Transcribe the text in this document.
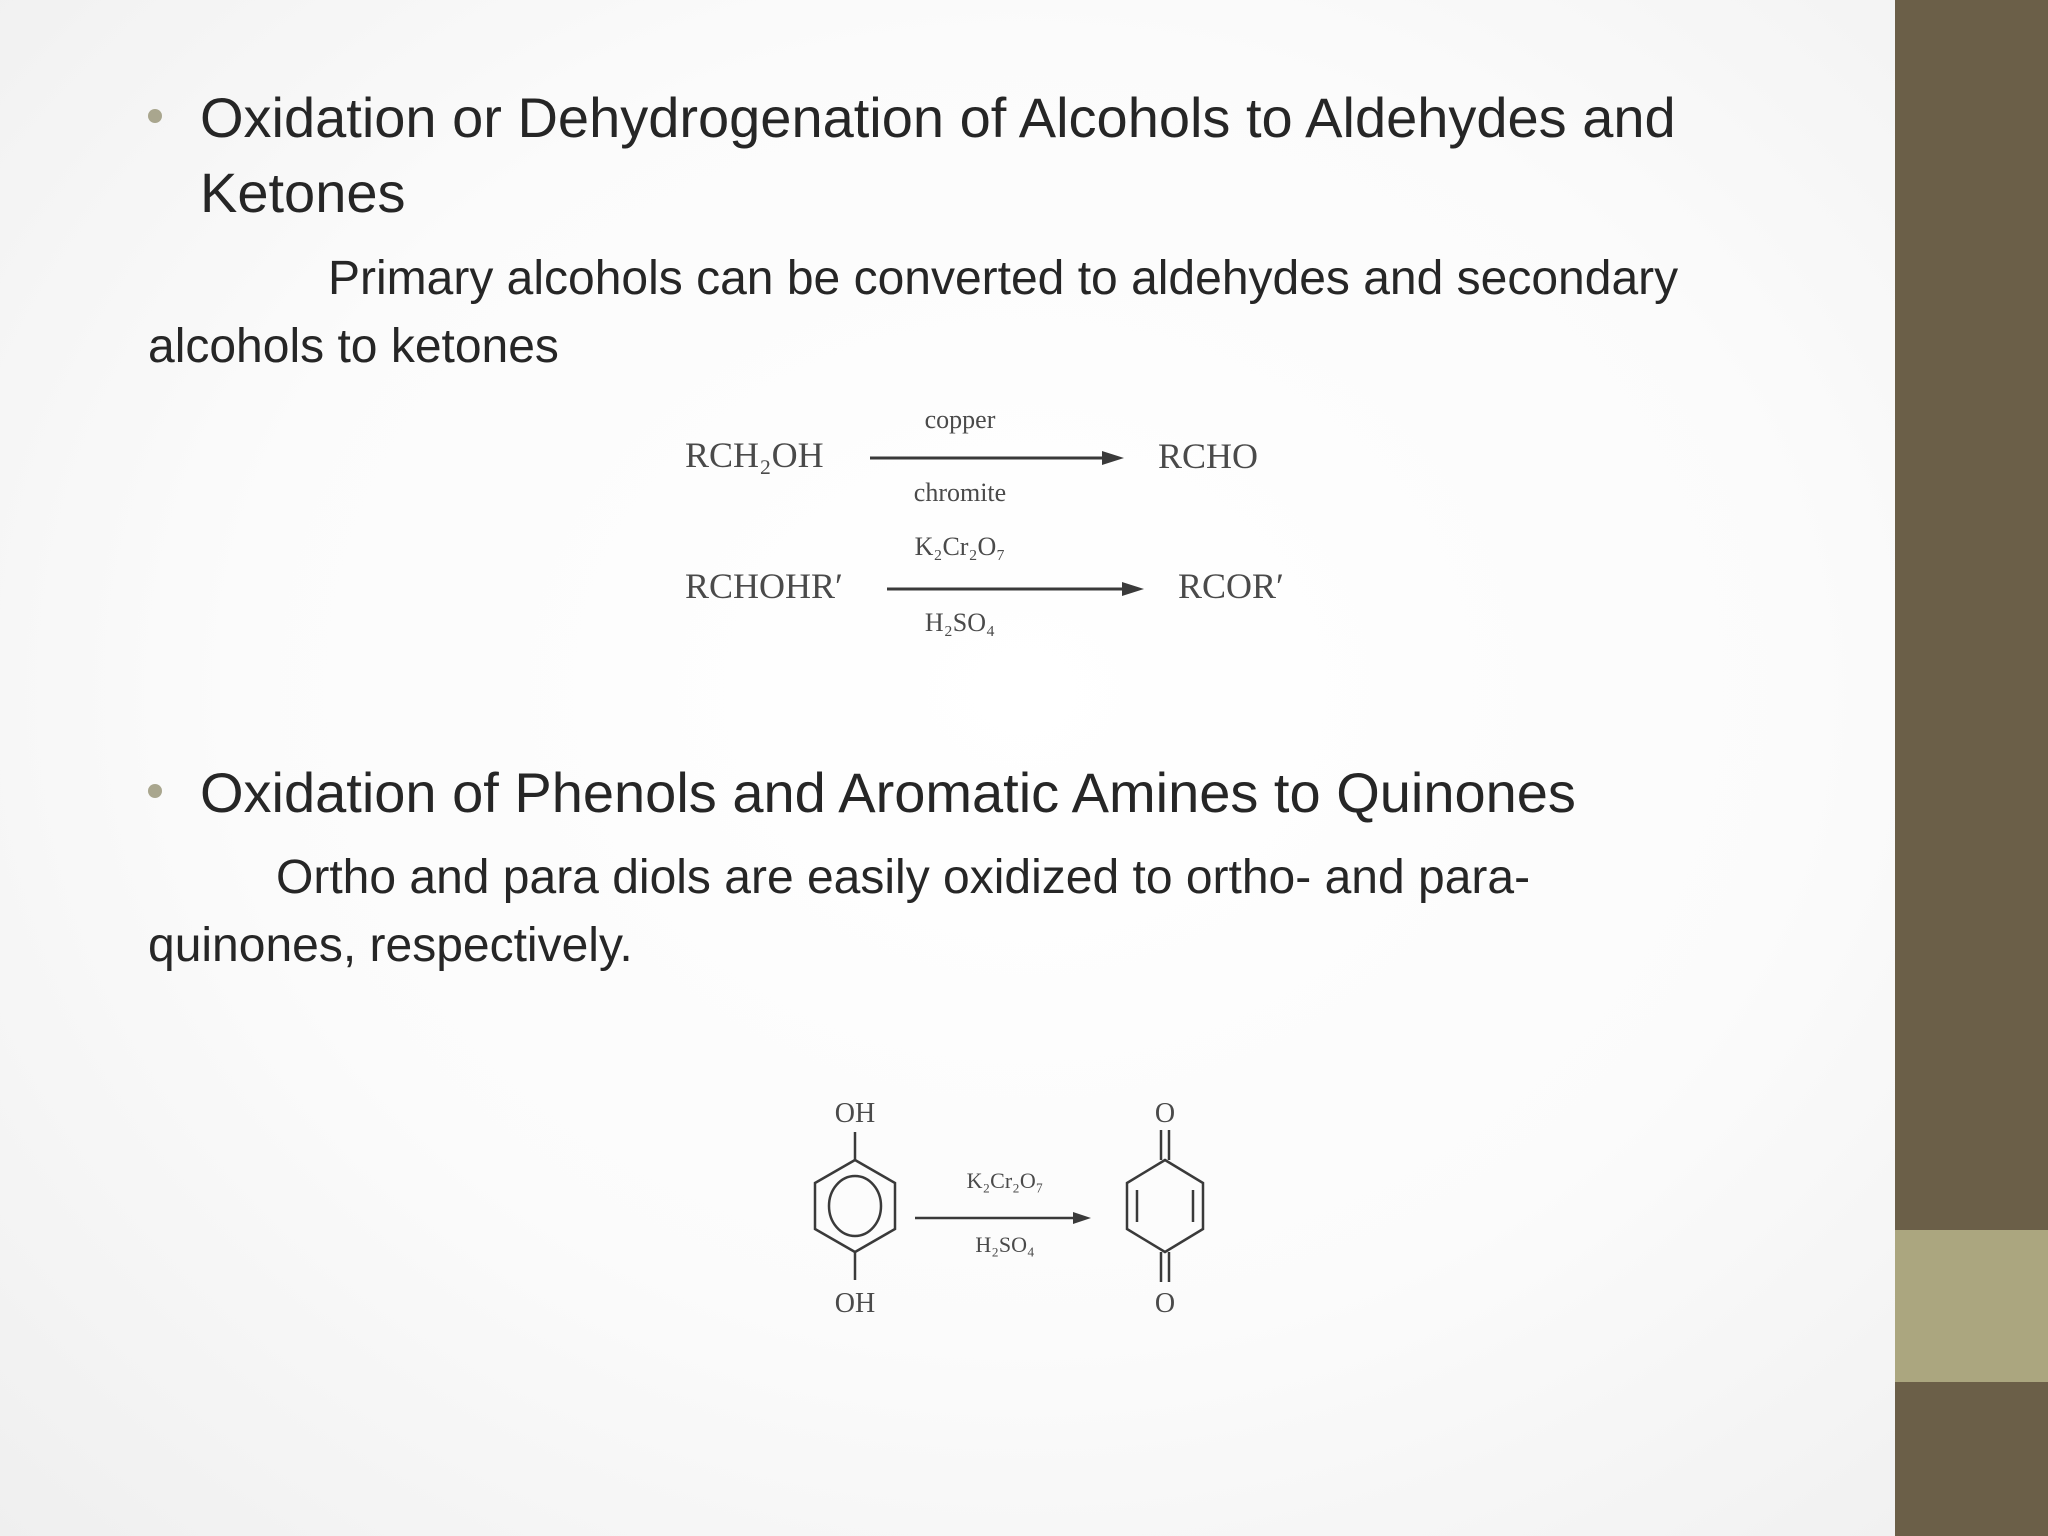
Oxidation or Dehydrogenation of Alcohols to Aldehydes and
Ketones
Primary alcohols can be converted to aldehydes and secondary
alcohols to ketones
RCH₂OH
copper
chromite
RCHO
K₂Cr₂O₇
RCHOHR′
H₂SO₄
RCOR′
Oxidation of Phenols and Aromatic Amines to Quinones
Ortho and para diols are easily oxidized to ortho- and para-
quinones, respectively.
OH
OH
K₂Cr₂O₇
H₂SO₄
O
O
